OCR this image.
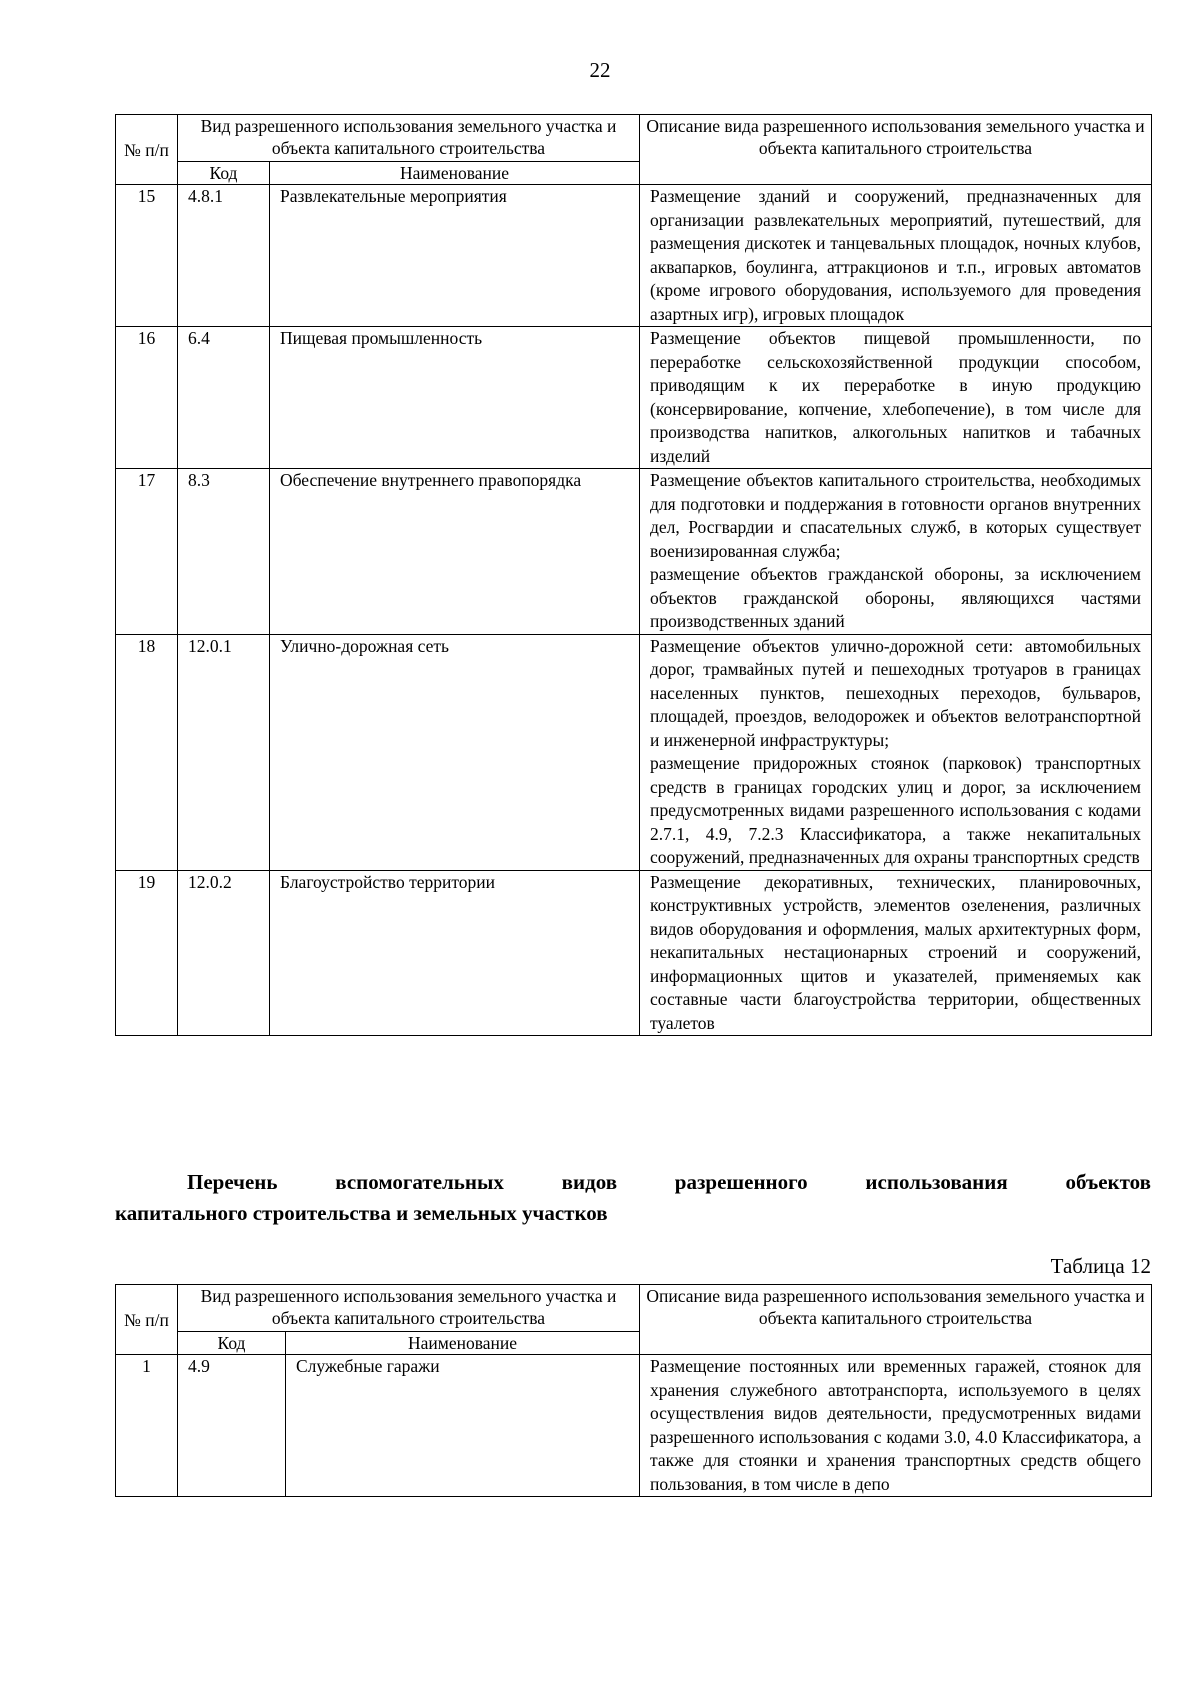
22
№ п/п	Вид разрешенного использования земельного участка и объекта капитального строительства		Описание вида разрешенного использования земельного участка и объекта капитального строительства
	Код	Наименование	
15	4.8.1	Развлекательные мероприятия	Размещение зданий и сооружений, предназначенных для организации развлекательных мероприятий, путешествий, для размещения дискотек и танцевальных площадок, ночных клубов, аквапарков, боулинга, аттракционов и т.п., игровых автоматов (кроме игрового оборудования, используемого для проведения азартных игр), игровых площадок

16	6.4	Пищевая промышленность	Размещение объектов пищевой промышленности, по переработке сельскохозяйственной продукции способом, приводящим к их переработке в иную продукцию (консервирование, копчение, хлебопечение), в том числе для производства напитков, алкогольных напитков и табачных изделий

17	8.3	Обеспечение внутреннего правопорядка	Размещение объектов капитального строительства, необходимых для подготовки и поддержания в готовности органов внутренних дел, Росгвардии и спасательных служб, в которых существует военизированная служба;
размещение объектов гражданской обороны, за исключением объектов гражданской обороны, являющихся частями производственных зданий

18	12.0.1	Улично-дорожная сеть	Размещение объектов улично-дорожной сети: автомобильных дорог, трамвайных путей и пешеходных тротуаров в границах населенных пунктов, пешеходных переходов, бульваров, площадей, проездов, велодорожек и объектов велотранспортной и инженерной инфраструктуры;
размещение придорожных стоянок (парковок) транспортных средств в границах городских улиц и дорог, за исключением предусмотренных видами разрешенного использования с кодами 2.7.1, 4.9, 7.2.3 Классификатора, а также некапитальных сооружений, предназначенных для охраны транспортных средств

19	12.0.2	Благоустройство территории	Размещение декоративных, технических, планировочных, конструктивных устройств, элементов озеленения, различных видов оборудования и оформления, малых архитектурных форм, некапитальных нестационарных строений и сооружений, информационных щитов и указателей, применяемых как составные части благоустройства территории, общественных туалетов
Перечень вспомогательных видов разрешенного использования объектов
капитального строительства и земельных участков
Таблица 12
№ п/п	Вид разрешенного использования земельного участка и объекта капитального строительства		Описание вида разрешенного использования земельного участка и объекта капитального строительства
	Код	Наименование	
1	4.9	Служебные гаражи	Размещение постоянных или временных гаражей, стоянок для хранения служебного автотранспорта, используемого в целях осуществления видов деятельности, предусмотренных видами разрешенного использования с кодами 3.0, 4.0 Классификатора, а также для стоянки и хранения транспортных средств общего пользования, в том числе в депо
